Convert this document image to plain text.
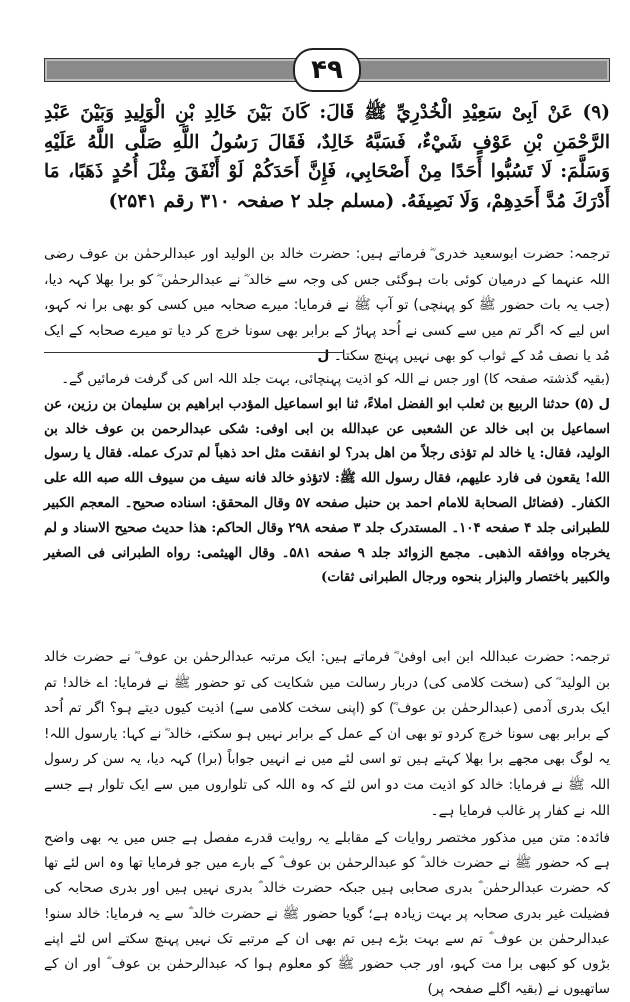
۴۹
(۹) عَنْ اَبِیْ سَعِیْدِ الْخُدْرِيِّ ﷺ قَالَ: كَانَ بَيْنَ خَالِدِ بْنِ الْوَلِيدِ وَبَيْنَ عَبْدِ الرَّحْمَنِ بْنِ عَوْفٍ شَيْءٌ، فَسَبَّهُ خَالِدٌ، فَقَالَ رَسُولُ اللَّهِ صَلَّى اللَّهُ عَلَيْهِ وَسَلَّمَ: لَا تَسُبُّوا أَحَدًا مِنْ أَصْحَابِي، فَإِنَّ أَحَدَكُمْ لَوْ أَنْفَقَ مِثْلَ أُحُدٍ ذَهَبًا، مَا أَدْرَكَ مُدَّ أَحَدِهِمْ، وَلَا نَصِيفَهُ. (مسلم جلد ۲ صفحہ ۳۱۰ رقم ۲۵۴۱)
ترجمہ: حضرت ابوسعید خدری ؓ فرماتے ہیں: حضرت خالد بن الولید اور عبدالرحمٰن بن عوف رضی اللہ عنہما کے درمیان کوئی بات ہوگئی جس کی وجہ سے خالد ؓ نے عبدالرحمٰن ؓ کو برا بھلا کہہ دیا، (جب یہ بات حضور ﷺ کو پہنچی) تو آپ ﷺ نے فرمایا: میرے صحابہ میں کسی کو بھی برا نہ کہو، اس لیے کہ اگر تم میں سے کسی نے اُحد پہاڑ کے برابر بھی سونا خرچ کر دیا تو میرے صحابہ کے ایک مُد یا نصف مُد کے ثواب کو بھی نہیں پہنچ سکتا۔ ل
(بقیہ گذشتہ صفحہ کا) اور جس نے اللہ کو اذیت پہنچائی، بہت جلد اللہ اس کی گرفت فرمائیں گے۔
ل (۵) حدثنا الربيع بن ثعلب ابو الفضل املاءً، ثنا ابو اسماعیل المؤدب ابراهیم بن سلیمان بن رزین، عن اسماعیل بن ابی خالد عن الشعبی عن عبدالله بن ابی اوفی: شکی عبدالرحمن بن عوف خالد بن الولید، فقال: یا خالد لم تؤذی رجلاً من اهل بدر؟ لو انفقت مثل احد ذهباً لم تدرک عمله. فقال یا رسول الله! یقعون فی فارد علیهم، فقال رسول الله ﷺ: لاتؤذو خالد فانه سیف من سیوف الله صبه الله علی الکفار۔ (فضائل الصحابة للامام احمد بن حنبل صفحه ۵۷ وقال المحقق: اسناده صحیح۔ المعجم الکبیر للطبرانی جلد ۴ صفحه ۱۰۴۔ المستدرک جلد ۳ صفحه ۲۹۸ وقال الحاکم: هذا حدیث صحیح الاسناد و لم یخرجاه ووافقه الذهبی۔ مجمع الزوائد جلد ۹ صفحه ۵۸۱۔ وقال الهیثمی: رواه الطبرانی فی الصغیر والکبیر باختصار والبزار بنحوه ورجال الطبرانی ثقات)
ترجمہ: حضرت عبداللہ ابن ابی اوفیٰ ؓ فرماتے ہیں: ایک مرتبہ عبدالرحمٰن بن عوف ؓ نے حضرت خالد بن الولید ؓ کی (سخت کلامی کی) دربار رسالت میں شکایت کی تو حضور ﷺ نے فرمایا: اے خالد! تم ایک بدری آدمی (عبدالرحمٰن بن عوف ؓ) کو (اپنی سخت کلامی سے) اذیت کیوں دیتے ہو؟ اگر تم اُحد کے برابر بھی سونا خرچ کردو تو بھی ان کے عمل کے برابر نہیں ہو سکتے، خالد ؓ نے کہا: یارسول اللہ! یہ لوگ بھی مجھے برا بھلا کہتے ہیں تو اسی لئے میں نے انہیں جواباً (برا) کہہ دیا، یہ سن کر رسول اللہ ﷺ نے فرمایا: خالد کو اذیت مت دو اس لئے کہ وہ اللہ کی تلواروں میں سے ایک تلوار ہے جسے اللہ نے کفار پر غالب فرمایا ہے۔
فائدہ: متن میں مذکور مختصر روایات کے مقابلے یہ روایت قدرے مفصل ہے جس میں یہ بھی واضح ہے کہ حضور ﷺ نے حضرت خالد ؓ کو عبدالرحمٰن بن عوف ؓ کے بارے میں جو فرمایا تھا وہ اس لئے تھا کہ حضرت عبدالرحمٰن ؓ بدری صحابی ہیں جبکہ حضرت خالد ؓ بدری نہیں ہیں اور بدری صحابہ کی فضیلت غیر بدری صحابہ پر بہت زیادہ ہے؛ گویا حضور ﷺ نے حضرت خالد ؓ سے یہ فرمایا: خالد سنو! عبدالرحمٰن بن عوف ؓ تم سے بہت بڑے ہیں تم بھی ان کے مرتبے تک نہیں پہنچ سکتے اس لئے اپنے بڑوں کو کبھی برا مت کہو، اور جب حضور ﷺ کو معلوم ہوا کہ عبدالرحمٰن بن عوف ؓ اور ان کے ساتھیوں نے (بقیہ اگلے صفحہ پر)
